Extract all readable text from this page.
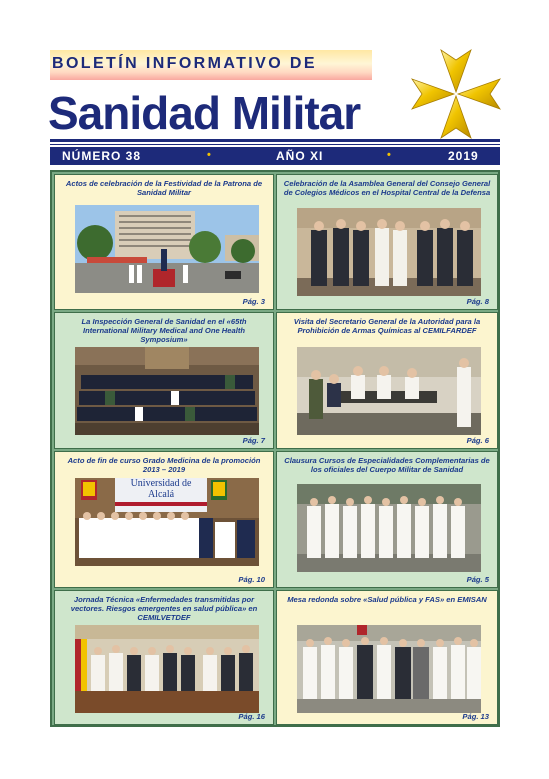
BOLETÍN INFORMATIVO DE
Sanidad Militar
NÚMERO 38	•	AÑO XI	•	2019
Actos de celebración de la Festividad de la Patrona de Sanidad Militar
Pág. 3
Celebración de la Asamblea General del Consejo General de Colegios Médicos en el Hospital Central de la Defensa
Pág. 8
La Inspección General de Sanidad en el «65th International Military Medical and One Health Symposium»
Pág. 7
Visita del Secretario General de la Autoridad para la Prohibición de Armas Químicas al CEMILFARDEF
Pág. 6
Acto de fin de curso Grado Medicina de la promoción 2013 – 2019
Universidad de Alcalá
Pág. 10
Clausura Cursos de Especialidades Complementarias de los oficiales del Cuerpo Militar de Sanidad
Pág. 5
Jornada Técnica «Enfermedades transmitidas por vectores. Riesgos emergentes en salud pública» en CEMILVETDEF
Pág. 16
Mesa redonda sobre «Salud pública y FAS» en EMISAN
Pág. 13
